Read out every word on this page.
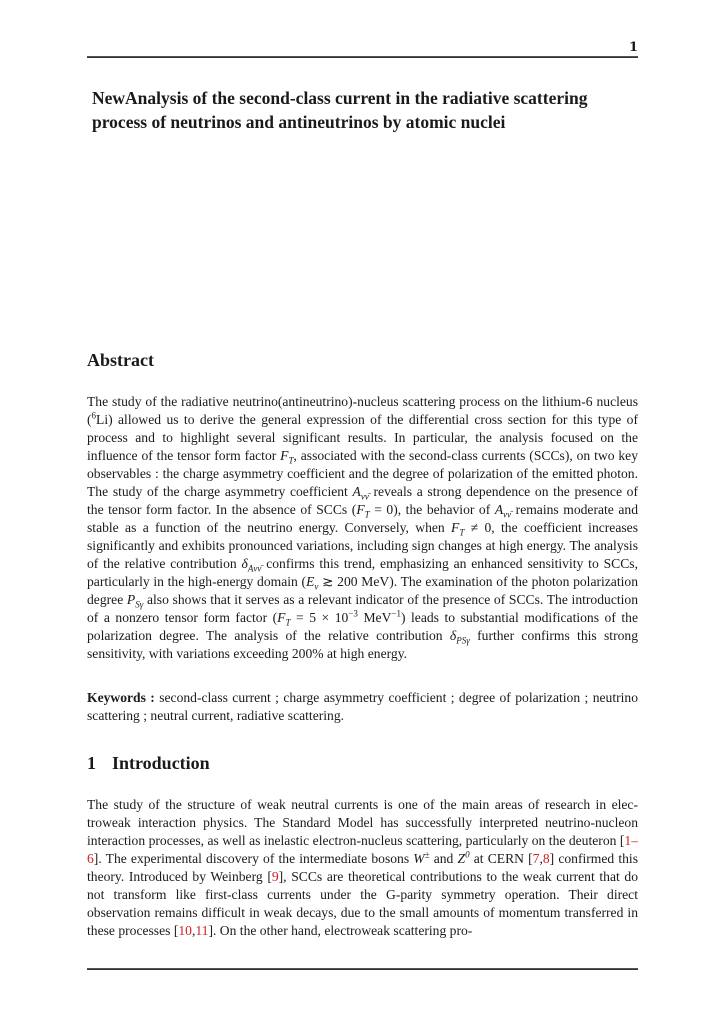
1
NewAnalysis of the second-class current in the radiative scattering process of neutrinos and antineutrinos by atomic nuclei
Abstract

The study of the radiative neutrino(antineutrino)-nucleus scattering process on the lithium-6 nucleus ($^6$Li) allowed us to derive the general expression of the differential cross section for this type of process and to highlight several significant results. In particular, the analysis focused on the influence of the tensor form factor $F_T$, associated with the second-class currents (SCCs), on two key observables : the charge asymmetry coefficient and the degree of polarization of the emitted photon. The study of the charge asymmetry coefficient $A_{\nu\nū}$ reveals a strong dependence on the presence of the tensor form factor. In the absence of SCCs $(F_T = 0)$, the behavior of $A_{\nu\nū}$ remains moderate and stable as a function of the neutrino energy. Conversely, when $F_T \ne 0$, the coefficient increases significantly and exhibits pronounced variations, including sign changes at high energy. The analysis of the relative contribution $\delta_{A\nu\nū}$ confirms this trend, emphasizing an enhanced sensitivity to SCCs, particularly in the high-energy domain ($E_\nu$ ≳ 200 MeV). The examination of the photon polarization degree $P_{S\gamma}$ also shows that it serves as a relevant indicator of the presence of SCCs. The introduction of a nonzero tensor form factor ($F_T = 5 \times 10^{-3}$ MeV$^{-1}$) leads to substantial modifications of the polarization degree. The analysis of the relative contribution $\delta_{PS\gamma}$ further confirms this strong sensitivity, with variations exceeding 200% at high energy.

Keywords : second-class current ; charge asymmetry coefficient ; degree of polarization ; neutrino scattering ; neutral current, radiative scattering.

1 Introduction

The study of the structure of weak neutral currents is one of the main areas of research in electroweak interaction physics. The Standard Model has successfully interpreted neutrino-nucleon interaction processes, as well as inelastic electron-nucleus scattering, particularly on the deuteron [1–6]. The experimental discovery of the intermediate bosons W± and $Z^0$ at CERN [7,8] confirmed this theory. Introduced by Weinberg [9], SCCs are theoretical contributions to the weak current that do not transform like first-class currents under the G-parity symmetry operation. Their direct observation remains difficult in weak decays, due to the small amounts of momentum transferred in these processes [10,11]. On the other hand, electroweak scattering pro-
